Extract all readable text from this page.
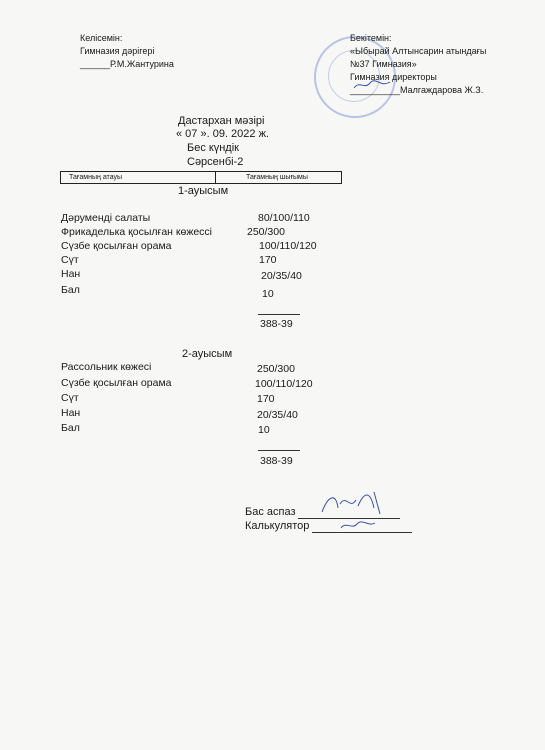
Келісемін:
Гимназия дәрігері
______Р.М.Жантурина
Бекітемін:
«Ыбырай Алтынсарин атындағы
№37 Гимназия»
Гимназия директоры
__________Малгаждарова Ж.З.
Дастархан мәзірі
« 07 ». 09. 2022 ж.
Бес күндік
Сәрсенбі-2
Тағамның атауы	Тағамның шығымы
1-ауысым
Дәрумендi салаты	80/100/110
Фрикаделька қосылған көжессі	250/300
Сүзбе қосылған орама	100/110/120
Сүт	170
Нан	20/35/40
Бал	10
388-39
2-ауысым
Рассольник көжесі	250/300
Сүзбе қосылған орама	100/110/120
Сүт	170
Нан	20/35/40
Бал	10
388-39
Бас аспаз
Калькулятор
